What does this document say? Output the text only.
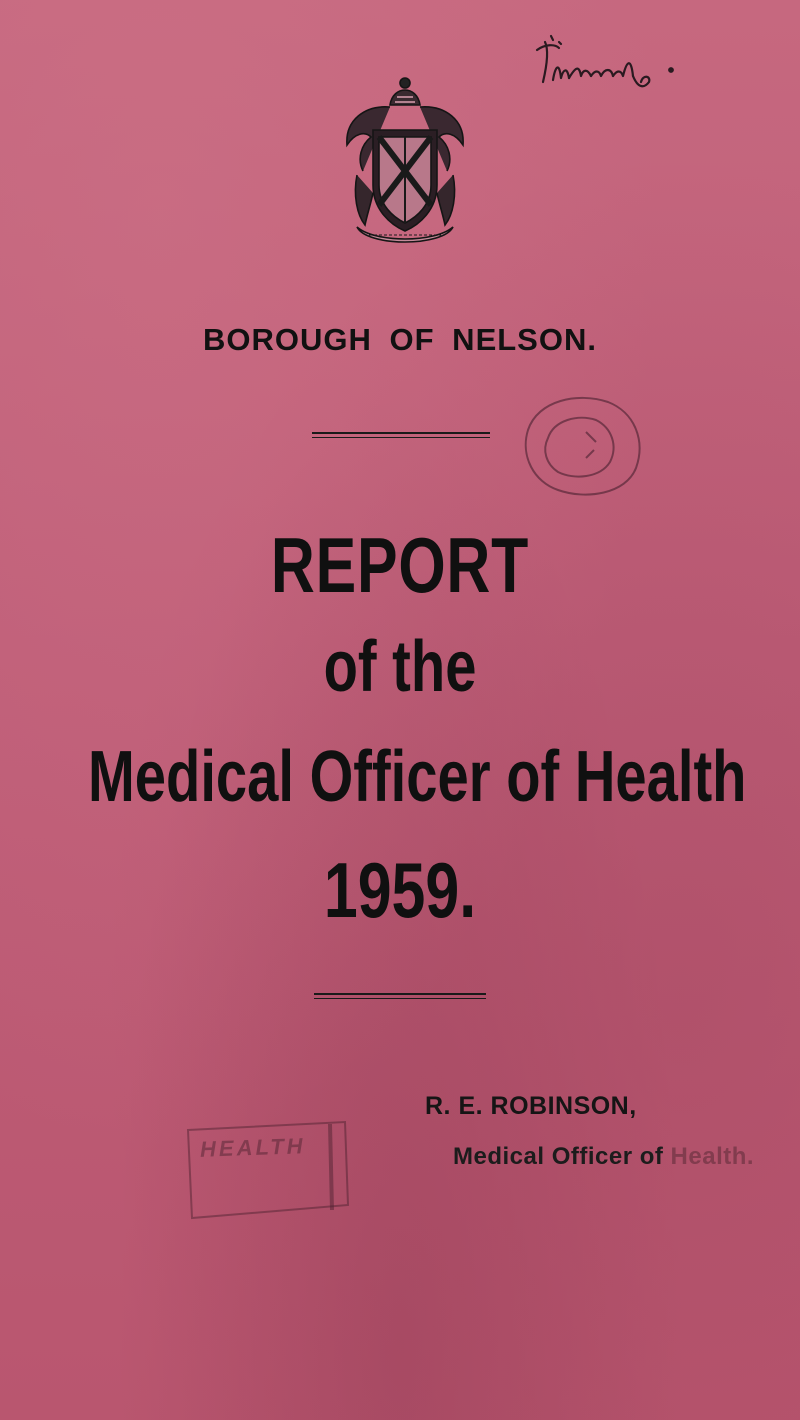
BOROUGH OF NELSON.
REPORT
of the
Medical Officer of Health
1959.
HEALTH
R. E. ROBINSON,
Medical Officer of Health.
